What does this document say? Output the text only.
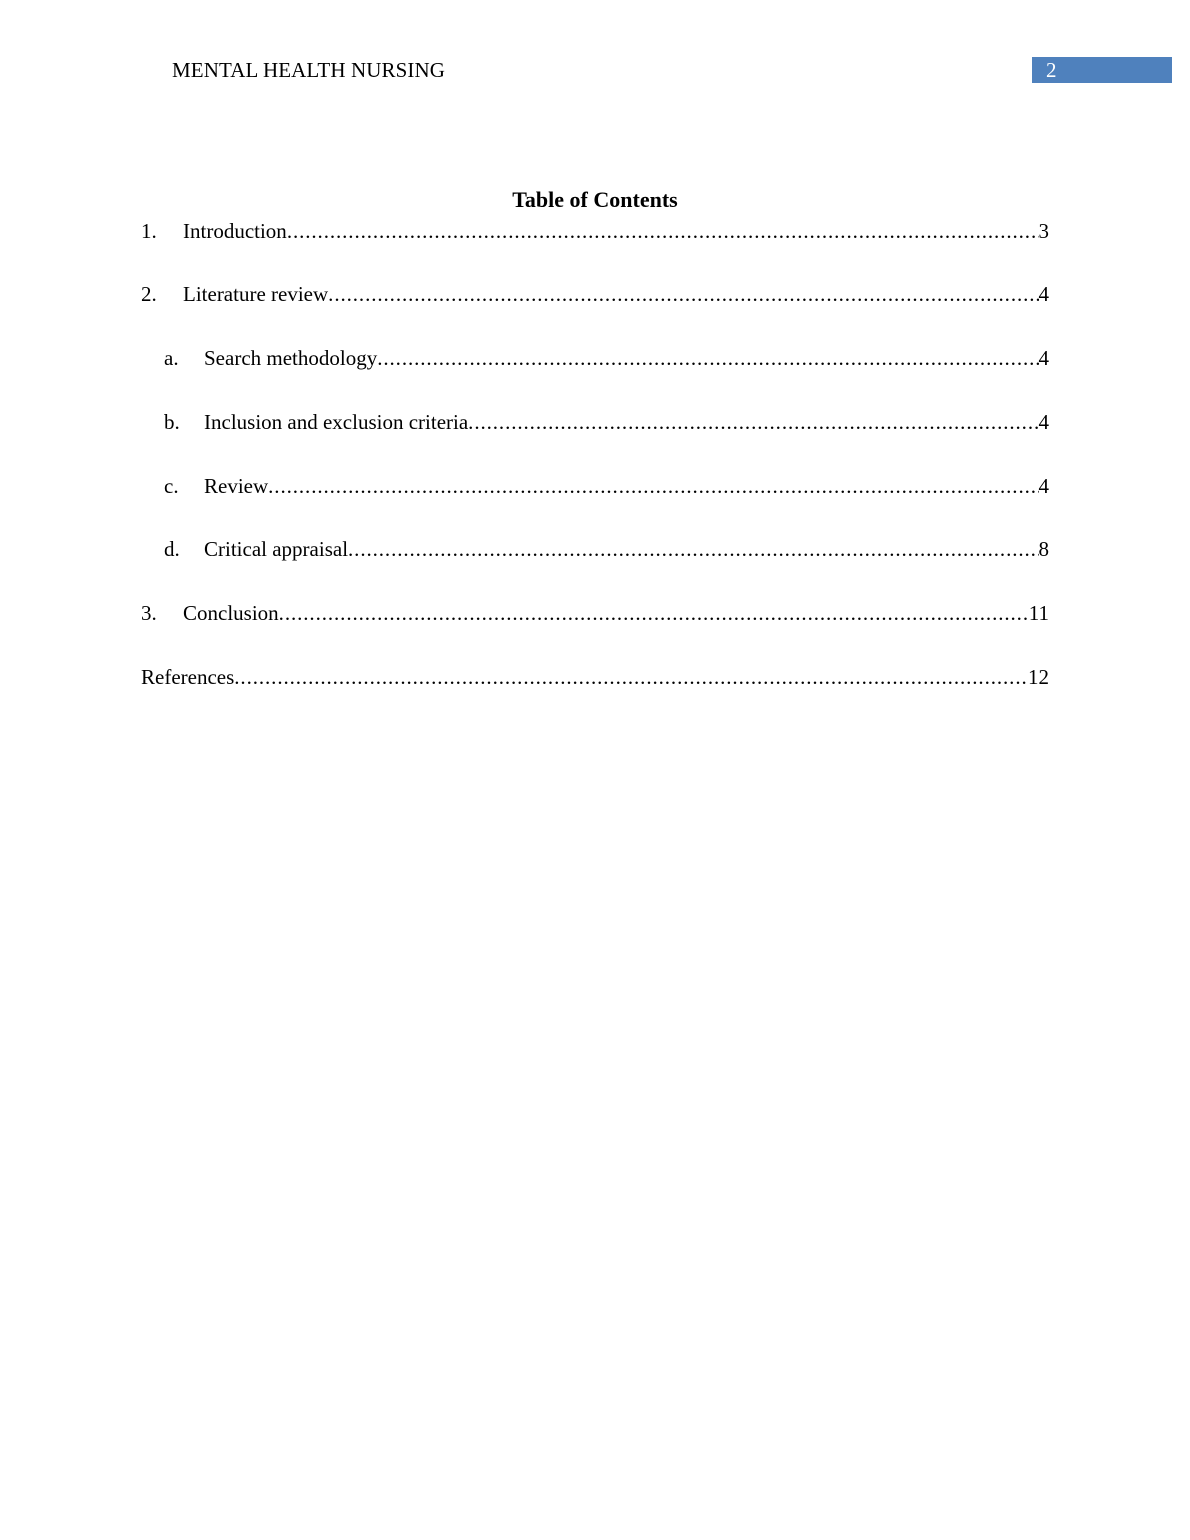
MENTAL HEALTH NURSING	2
Table of Contents
1.	Introduction .....	3
2.	Literature review .....	4
a.	Search methodology .....	4
b.	Inclusion and exclusion criteria .....	4
c.	Review .....	4
d.	Critical appraisal .....	8
3.	Conclusion .....	11
References .....	12
